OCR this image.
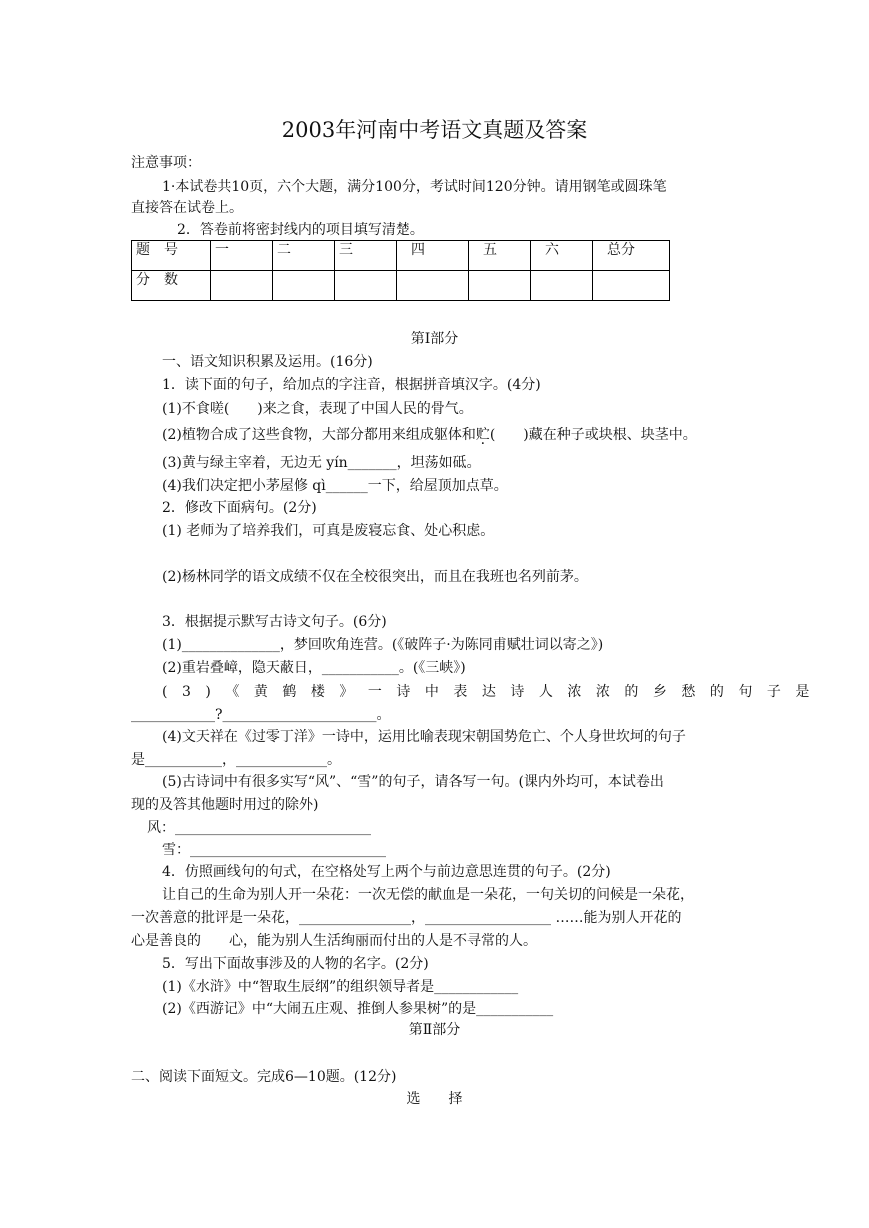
2003年河南中考语文真题及答案
注意事项：
1·本试卷共10页，六个大题，满分100分，考试时间120分钟。请用钢笔或圆珠笔
直接答在试卷上。
2．答卷前将密封线内的项目填写清楚。
题　号	一	二	三	四	五	六	总分
分　数							
第Ⅰ部分
一、语文知识积累及运用。(16分)
1．读下面的句子，给加点的字注音，根据拼音填汉字。(4分)
(1)不食嗟(　　)来之食，表现了中国人民的骨气。
(2)植物合成了这些食物，大部分都用来组成躯体和贮(　　)藏在种子或块根、块茎中。
(3)黄与绿主宰着，无边无 yín_______，坦荡如砥。
(4)我们决定把小茅屋修 qì______一下，给屋顶加点草。
2．修改下面病句。(2分)
(1) 老师为了培养我们，可真是废寝忘食、处心积虑。
(2)杨林同学的语文成绩不仅在全校很突出，而且在我班也名列前茅。
3．根据提示默写古诗文句子。(6分)
(1)______________，梦回吹角连营。(《破阵子·为陈同甫赋壮词以寄之》)
(2)重岩叠嶂，隐天蔽日，___________。(《三峡》)
(3)《黄鹤楼》一诗中表达诗人浓浓的乡愁的句子是
____________?______________________。
(4)文天祥在《过零丁洋》一诗中，运用比喻表现宋朝国势危亡、个人身世坎坷的句子
是___________，_____________。
(5)古诗词中有很多实写“风”、“雪”的句子，请各写一句。(课内外均可，本试卷出
现的及答其他题时用过的除外)
风：____________________________
雪：____________________________
4．仿照画线句的句式，在空格处写上两个与前边意思连贯的句子。(2分)
让自己的生命为别人开一朵花：一次无偿的献血是一朵花，一句关切的问候是一朵花，
一次善意的批评是一朵花，________________，__________________ ……能为别人开花的
心是善良的　　心，能为别人生活绚丽而付出的人是不寻常的人。
5．写出下面故事涉及的人物的名字。(2分)
(1)《水浒》中“智取生辰纲”的组织领导者是____________
(2)《西游记》中“大闹五庄观、推倒人参果树”的是___________
第Ⅱ部分
二、阅读下面短文。完成6—10题。(12分)
选　　择
